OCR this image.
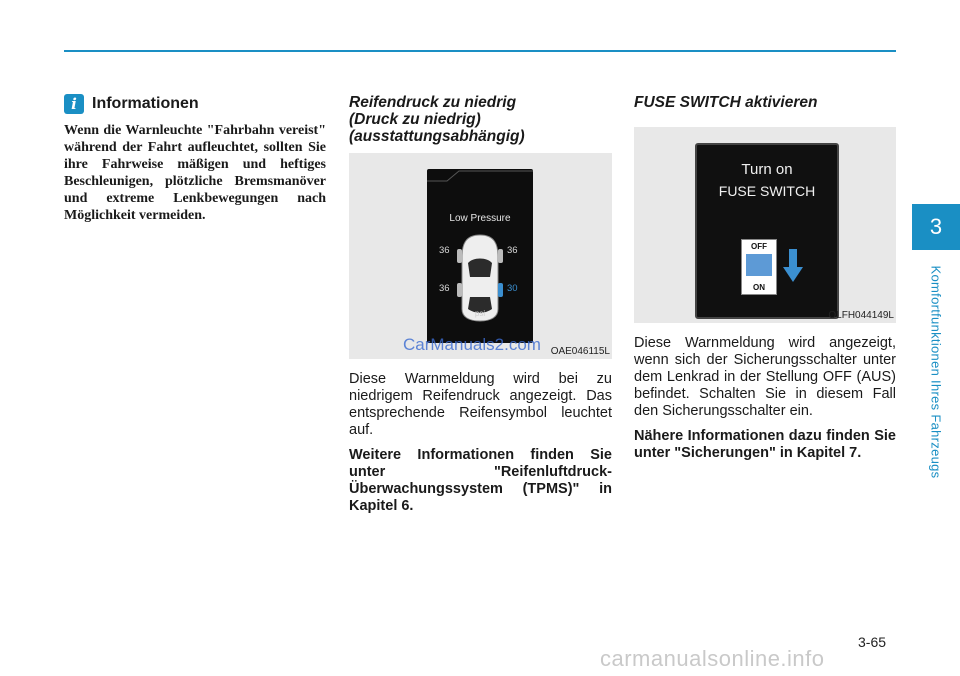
i Informationen

Wenn die Warnleuchte "Fahrbahn vereist" während der Fahrt aufleuchtet, sollten Sie ihre Fahrweise mäßigen und heftiges Beschleunigen, plötzliche Bremsmanöver und extreme Lenkbewegungen nach Möglichkeit vermeiden.

Reifendruck zu niedrig
(Druck zu niedrig)
(ausstattungsabhängig)
Low Pressure
36	36
36	30
psi
CarManuals2.com OAE046115L

Diese Warnmeldung wird bei zu niedrigem Reifendruck angezeigt. Das entsprechende Reifensymbol leuchtet auf.

Weitere Informationen finden Sie unter "Reifenluftdruck-Überwachungssystem (TPMS)" in Kapitel 6.

FUSE SWITCH aktivieren
Turn on
FUSE SWITCH
OFF
ON
OLFH044149L

Diese Warnmeldung wird angezeigt, wenn sich der Sicherungsschalter unter dem Lenkrad in der Stellung OFF (AUS) befindet. Schalten Sie in diesem Fall den Sicherungsschalter ein.

Nähere Informationen dazu finden Sie unter "Sicherungen" in Kapitel 7.

3
Komfortfunktionen Ihres Fahrzeugs
3-65
carmanualsonline.info
